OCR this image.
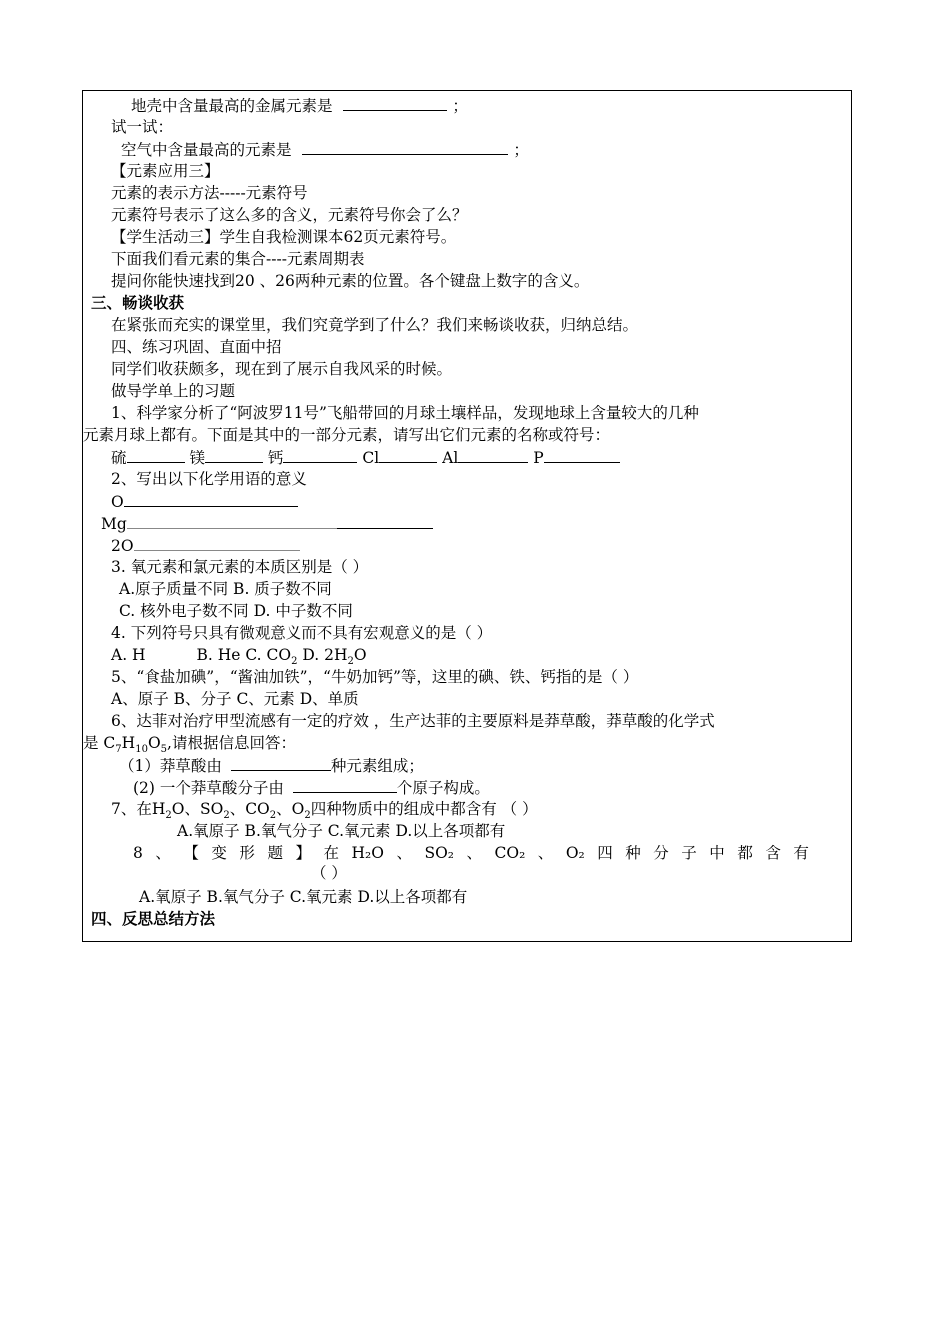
地壳中含量最高的金属元素是	；
试一试：
空气中含量最高的元素是	；
【元素应用三】
元素的表示方法-----元素符号
元素符号表示了这么多的含义，元素符号你会了么？
【学生活动三】学生自我检测课本62页元素符号。
下面我们看元素的集合----元素周期表
提问你能快速找到20 、26两种元素的位置。各个键盘上数字的含义。
三、畅谈收获
在紧张而充实的课堂里，我们究竟学到了什么？我们来畅谈收获，归纳总结。
四、练习巩固、直面中招
同学们收获颇多，现在到了展示自我风采的时候。
做导学单上的习题
1、科学家分析了“阿波罗11号”飞船带回的月球土壤样品，发现地球上含量较大的几种
元素月球上都有。下面是其中的一部分元素，请写出它们元素的名称或符号：
硫	镁	钙	Cl	Al	P
2、写出以下化学用语的意义
O
Mg
2O
3. 氧元素和氯元素的本质区别是（ ）
A.原子质量不同 B. 质子数不同
C. 核外电子数不同 D. 中子数不同
4. 下列符号只具有微观意义而不具有宏观意义的是（ ）
A. H	B. He C. $CO_2$ D. $2H_2O$
5、“食盐加碘”，“酱油加铁”，“牛奶加钙”等，这里的碘、铁、钙指的是（ ）
A、原子 B、分子 C、元素 D、单质
6、达菲对治疗甲型流感有一定的疗效 ，生产达菲的主要原料是莽草酸，莽草酸的化学式
是 $C_7H_{10}O_5$,请根据信息回答：
（1）莽草酸由	种元素组成；
(2) 一个莽草酸分子由	个原子构成。
7、在$H_2O$、$SO_2$、$CO_2$、$O_2$四种物质中的组成中都含有 （ ）
A.氧原子 B.氧气分子 C.氧元素 D.以上各项都有
8 、 【 变 形 题 】 在 H₂O 、 SO₂ 、 CO₂ 、 O₂ 四 种 分 子 中 都 含 有
（ ）
A.氧原子 B.氧气分子 C.氧元素 D.以上各项都有
四、反思总结方法
